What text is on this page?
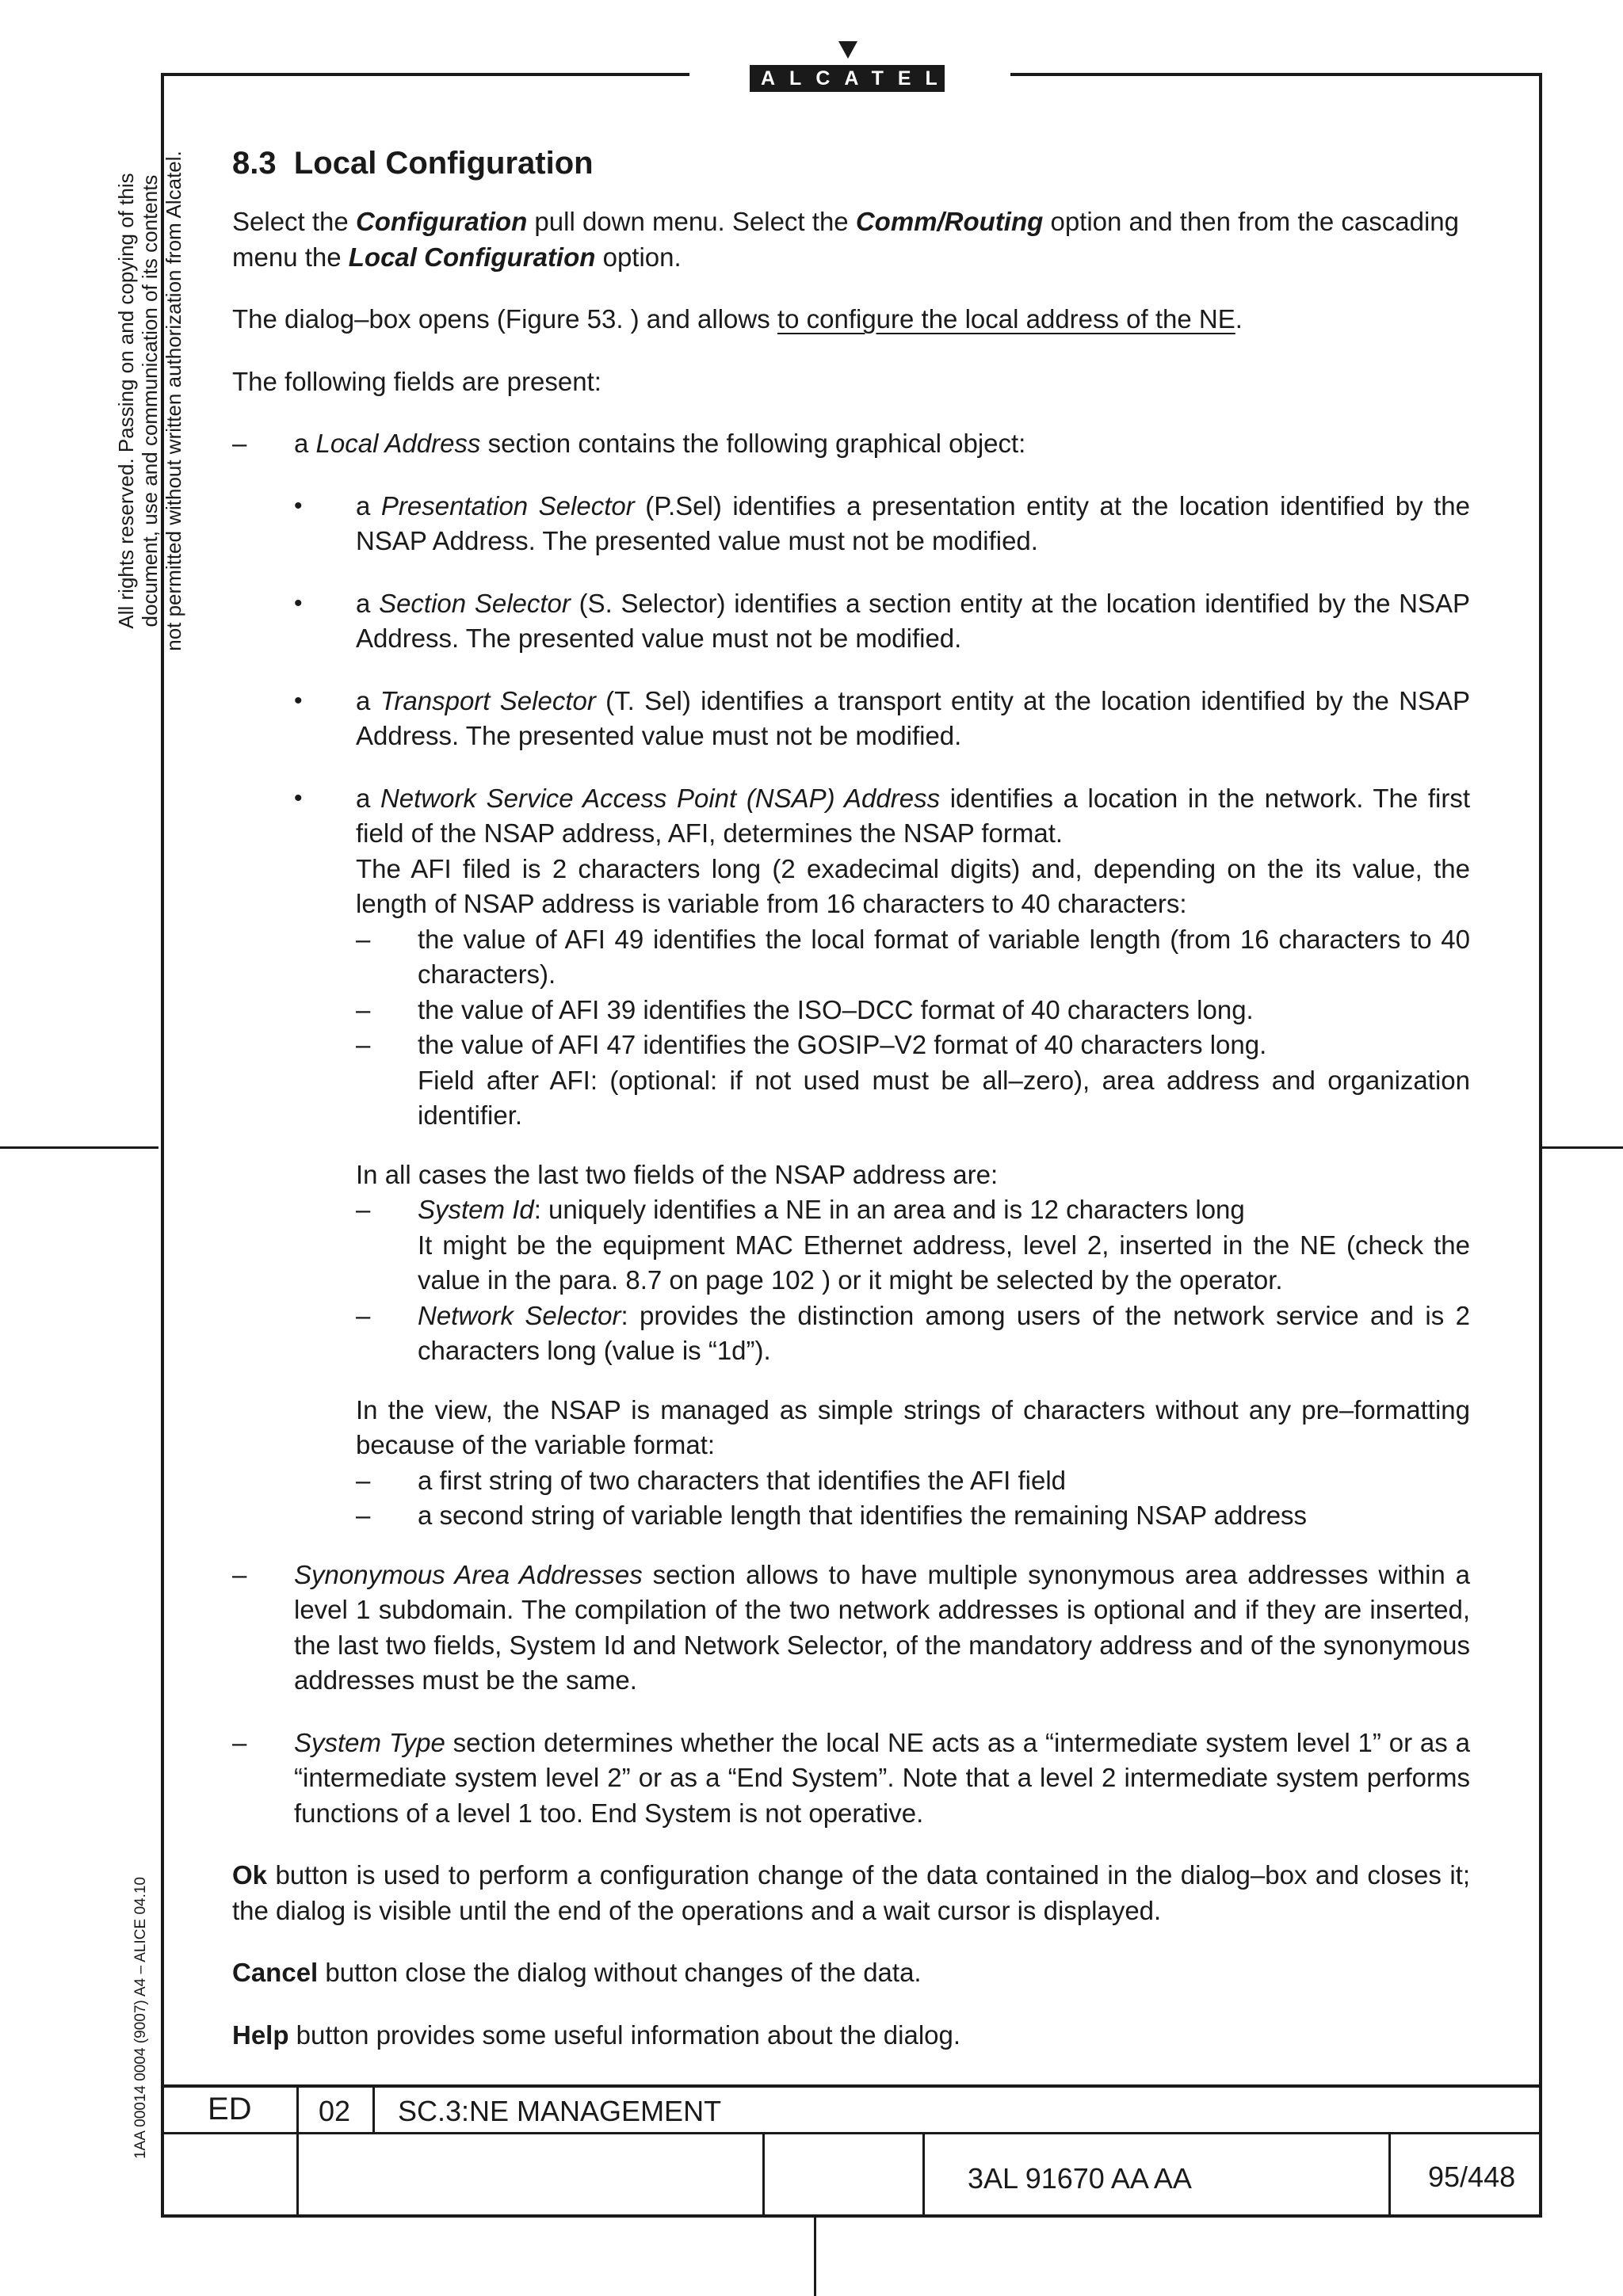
ALCATEL
All rights reserved. Passing on and copying of this document, use and communication of its contents not permitted without written authorization from Alcatel.
1AA 00014 0004 (9007) A4 – ALICE 04.10
8.3 Local Configuration

Select the Configuration pull down menu. Select the Comm/Routing option and then from the cascading menu the Local Configuration option.

The dialog–box opens (Figure 53. ) and allows to configure the local address of the NE.

The following fields are present:

– a Local Address section contains the following graphical object:

• a Presentation Selector (P.Sel) identifies a presentation entity at the location identified by the NSAP Address. The presented value must not be modified.

• a Section Selector (S. Selector) identifies a section entity at the location identified by the NSAP Address. The presented value must not be modified.

• a Transport Selector (T. Sel) identifies a transport entity at the location identified by the NSAP Address. The presented value must not be modified.

• a Network Service Access Point (NSAP) Address identifies a location in the network. The first field of the NSAP address, AFI, determines the NSAP format.
The AFI filed is 2 characters long (2 exadecimal digits) and, depending on the its value, the length of NSAP address is variable from 16 characters to 40 characters:
– the value of AFI 49 identifies the local format of variable length (from 16 characters to 40 characters).
– the value of AFI 39 identifies the ISO–DCC format of 40 characters long.
– the value of AFI 47 identifies the GOSIP–V2 format of 40 characters long.
Field after AFI: (optional: if not used must be all–zero), area address and organization identifier.
In all cases the last two fields of the NSAP address are:
– System Id: uniquely identifies a NE in an area and is 12 characters long
It might be the equipment MAC Ethernet address, level 2, inserted in the NE (check the value in the para. 8.7 on page 102 ) or it might be selected by the operator.
– Network Selector: provides the distinction among users of the network service and is 2 characters long (value is “1d”).
In the view, the NSAP is managed as simple strings of characters without any pre–formatting because of the variable format:
– a first string of two characters that identifies the AFI field
– a second string of variable length that identifies the remaining NSAP address

– Synonymous Area Addresses section allows to have multiple synonymous area addresses within a level 1 subdomain. The compilation of the two network addresses is optional and if they are inserted, the last two fields, System Id and Network Selector, of the mandatory address and of the synonymous addresses must be the same.

– System Type section determines whether the local NE acts as a “intermediate system level 1” or as a “intermediate system level 2” or as a “End System”. Note that a level 2 intermediate system performs functions of a level 1 too. End System is not operative.

Ok button is used to perform a configuration change of the data contained in the dialog–box and closes it; the dialog is visible until the end of the operations and a wait cursor is displayed.

Cancel button close the dialog without changes of the data.

Help button provides some useful information about the dialog.

ED 02 SC.3:NE MANAGEMENT
3AL 91670 AA AA	95/448
